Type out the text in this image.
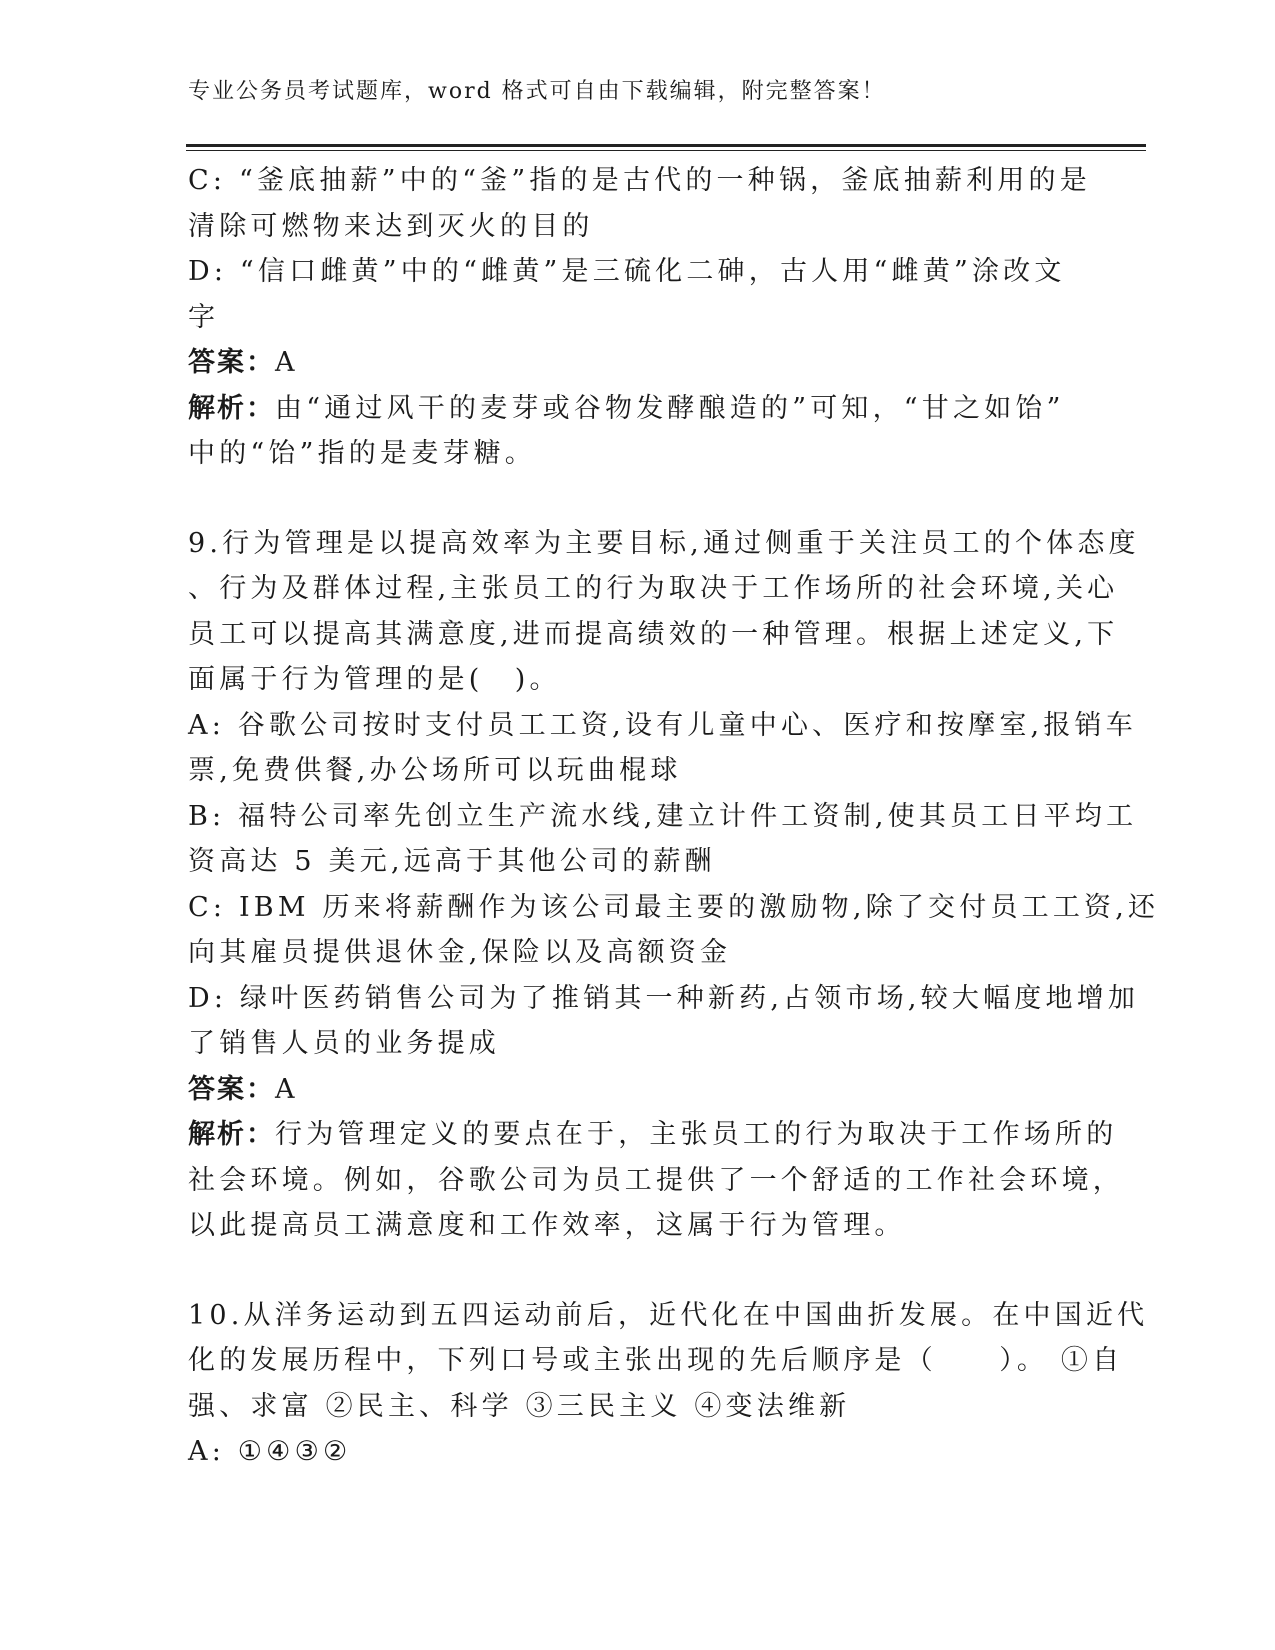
专业公务员考试题库，word 格式可自由下载编辑，附完整答案！
C: “釜底抽薪”中的“釜”指的是古代的一种锅，釜底抽薪利用的是
清除可燃物来达到灭火的目的
D: “信口雌黄”中的“雌黄”是三硫化二砷，古人用“雌黄”涂改文
字
答案：A
解析：由“通过风干的麦芽或谷物发酵酿造的”可知，“甘之如饴”
中的“饴”指的是麦芽糖。
9.行为管理是以提高效率为主要目标,通过侧重于关注员工的个体态度
、行为及群体过程,主张员工的行为取决于工作场所的社会环境,关心
员工可以提高其满意度,进而提高绩效的一种管理。根据上述定义,下
面属于行为管理的是(　)。
A: 谷歌公司按时支付员工工资,设有儿童中心、医疗和按摩室,报销车
票,免费供餐,办公场所可以玩曲棍球
B: 福特公司率先创立生产流水线,建立计件工资制,使其员工日平均工
资高达 5 美元,远高于其他公司的薪酬
C: IBM 历来将薪酬作为该公司最主要的激励物,除了交付员工工资,还
向其雇员提供退休金,保险以及高额资金
D: 绿叶医药销售公司为了推销其一种新药,占领市场,较大幅度地增加
了销售人员的业务提成
答案：A
解析：行为管理定义的要点在于，主张员工的行为取决于工作场所的
社会环境。例如，谷歌公司为员工提供了一个舒适的工作社会环境，
以此提高员工满意度和工作效率，这属于行为管理。
10.从洋务运动到五四运动前后，近代化在中国曲折发展。在中国近代
化的发展历程中，下列口号或主张出现的先后顺序是（　　）。 ①自
强、求富 ②民主、科学 ③三民主义 ④变法维新
A: ①④③②
